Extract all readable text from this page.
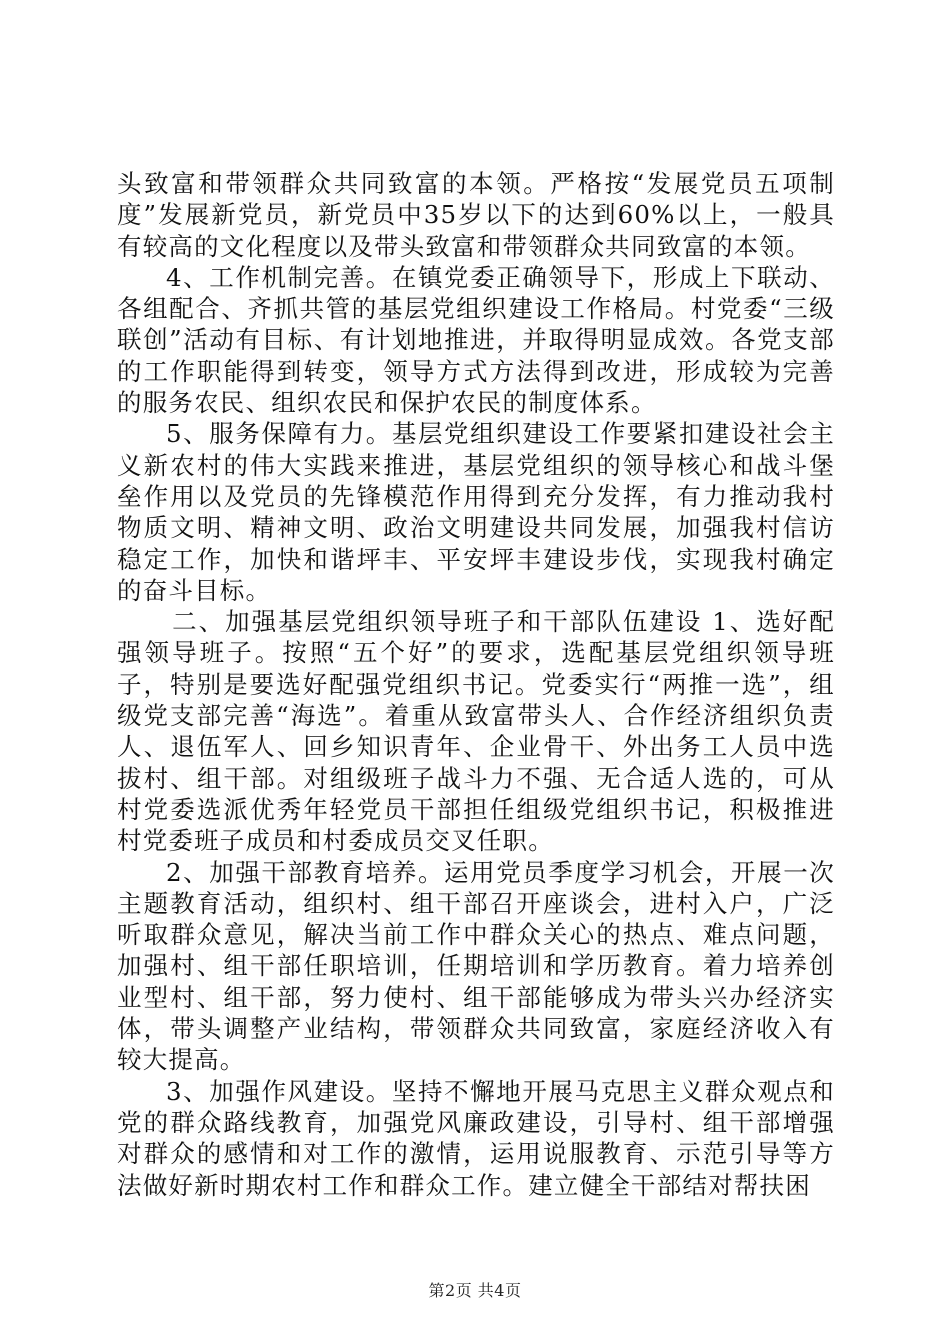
头致富和带领群众共同致富的本领。严格按“发展党员五项制度”发展新党员，新党员中35岁以下的达到60%以上，一般具有较高的文化程度以及带头致富和带领群众共同致富的本领。

4、工作机制完善。在镇党委正确领导下，形成上下联动、各组配合、齐抓共管的基层党组织建设工作格局。村党委“三级联创”活动有目标、有计划地推进，并取得明显成效。各党支部的工作职能得到转变，领导方式方法得到改进，形成较为完善的服务农民、组织农民和保护农民的制度体系。

5、服务保障有力。基层党组织建设工作要紧扣建设社会主义新农村的伟大实践来推进，基层党组织的领导核心和战斗堡垒作用以及党员的先锋模范作用得到充分发挥，有力推动我村物质文明、精神文明、政治文明建设共同发展，加强我村信访稳定工作，加快和谐坪丰、平安坪丰建设步伐，实现我村确定的奋斗目标。

二、加强基层党组织领导班子和干部队伍建设 1、选好配强领导班子。按照“五个好”的要求，选配基层党组织领导班子，特别是要选好配强党组织书记。党委实行“两推一选”，组级党支部完善“海选”。着重从致富带头人、合作经济组织负责人、退伍军人、回乡知识青年、企业骨干、外出务工人员中选拔村、组干部。对组级班子战斗力不强、无合适人选的，可从村党委选派优秀年轻党员干部担任组级党组织书记，积极推进村党委班子成员和村委成员交叉任职。

2、加强干部教育培养。运用党员季度学习机会，开展一次主题教育活动，组织村、组干部召开座谈会，进村入户，广泛听取群众意见，解决当前工作中群众关心的热点、难点问题，加强村、组干部任职培训，任期培训和学历教育。着力培养创业型村、组干部，努力使村、组干部能够成为带头兴办经济实体，带头调整产业结构，带领群众共同致富，家庭经济收入有较大提高。

3、加强作风建设。坚持不懈地开展马克思主义群众观点和党的群众路线教育，加强党风廉政建设，引导村、组干部增强对群众的感情和对工作的激情，运用说服教育、示范引导等方法做好新时期农村工作和群众工作。建立健全干部结对帮扶困

第2页 共4页
